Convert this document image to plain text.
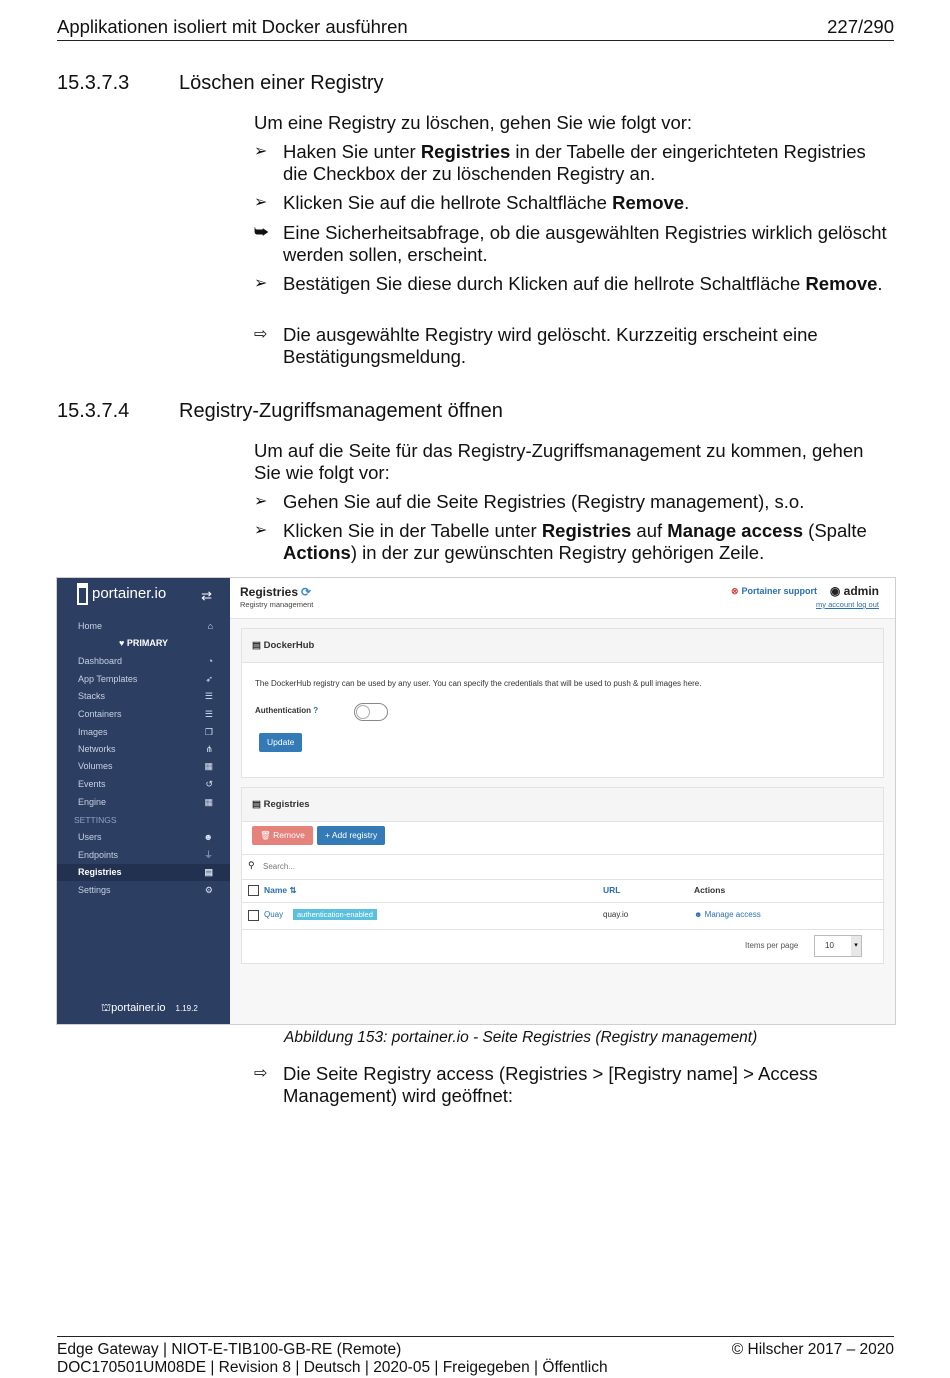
Applikationen isoliert mit Docker ausführen	227/290
15.3.7.3 Löschen einer Registry
Um eine Registry zu löschen, gehen Sie wie folgt vor:
➢ Haken Sie unter Registries in der Tabelle der eingerichteten Registries die Checkbox der zu löschenden Registry an.
➢ Klicken Sie auf die hellrote Schaltfläche Remove.
⮩ Eine Sicherheitsabfrage, ob die ausgewählten Registries wirklich gelöscht werden sollen, erscheint.
➢ Bestätigen Sie diese durch Klicken auf die hellrote Schaltfläche Remove.
⇨ Die ausgewählte Registry wird gelöscht. Kurzzeitig erscheint eine Bestätigungsmeldung.
15.3.7.4 Registry-Zugriffsmanagement öffnen
Um auf die Seite für das Registry-Zugriffsmanagement zu kommen, gehen Sie wie folgt vor:
➢ Gehen Sie auf die Seite Registries (Registry management), s.o.
➢ Klicken Sie in der Tabelle unter Registries auf Manage access (Spalte Actions) in der zur gewünschten Registry gehörigen Zeile.
portainer.io	⇄
Home	⌂
♥ PRIMARY
Dashboard	◔
App Templates	➶
Stacks	☰
Containers	☰
Images	❐
Networks	⋔
Volumes	▦
Events	↺
Engine	▦
SETTINGS
Users	☻
Endpoints	⏚
Registries	▤
Settings	⚙
⛫portainer.io 1.19.2
Registries ⟳
Registry management
⊗ Portainer support ◉ admin
my account log out
▤ DockerHub
The DockerHub registry can be used by any user. You can specify the credentials that will be used to push & pull images here.
Authentication ?
Update
▤ Registries
🗑 Remove	+ Add registry
⚲ Search...
Name ⇅	URL	Actions
Quay	authentication-enabled	quay.io	☻ Manage access
Items per page	10	▾
Abbildung 153: portainer.io - Seite Registries (Registry management)
⇨ Die Seite Registry access (Registries > [Registry name] > Access Management) wird geöffnet:
Edge Gateway | NIOT-E-TIB100-GB-RE (Remote)
DOC170501UM08DE | Revision 8 | Deutsch | 2020-05 | Freigegeben | Öffentlich
© Hilscher 2017 – 2020
